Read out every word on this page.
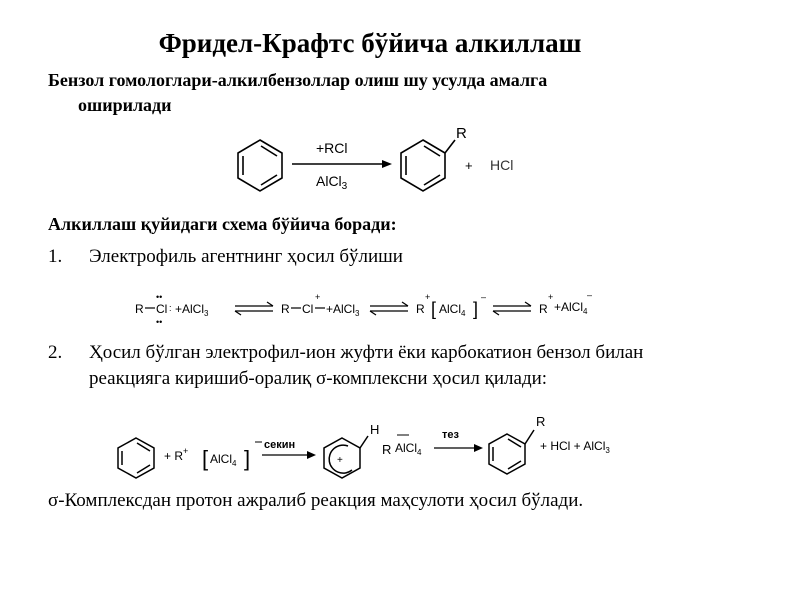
Фридел-Крафтс бўйича алкиллаш
Бензол гомологлари-алкилбензоллар олиш шу усулда амалга
оширилади
+RCl
AlCl$_3$
R
+ HCl
Алкиллаш қуйидаги схема бўйича боради:
1. Электрофиль агентнинг ҳосил бўлиши
R Cl
••
••
: +AlCl$_3$	R Cl
+
+AlCl$_3$	R
+
[ AlCl$_4$ ]
–
R
+
+AlCl$_4$
–
2. Ҳосил бўлган электрофил-ион жуфти ёки карбокатион бензол билан
реакцияга киришиб-оралиқ σ-комплексни ҳосил қилади:
+ R+ [ AlCl$_4$ ]
секин
+
H
R AlCl$_4$
тез
R
+ HCl + AlCl$_3$
σ-Комплексдан протон ажралиб реакция маҳсулоти ҳосил бўлади.
